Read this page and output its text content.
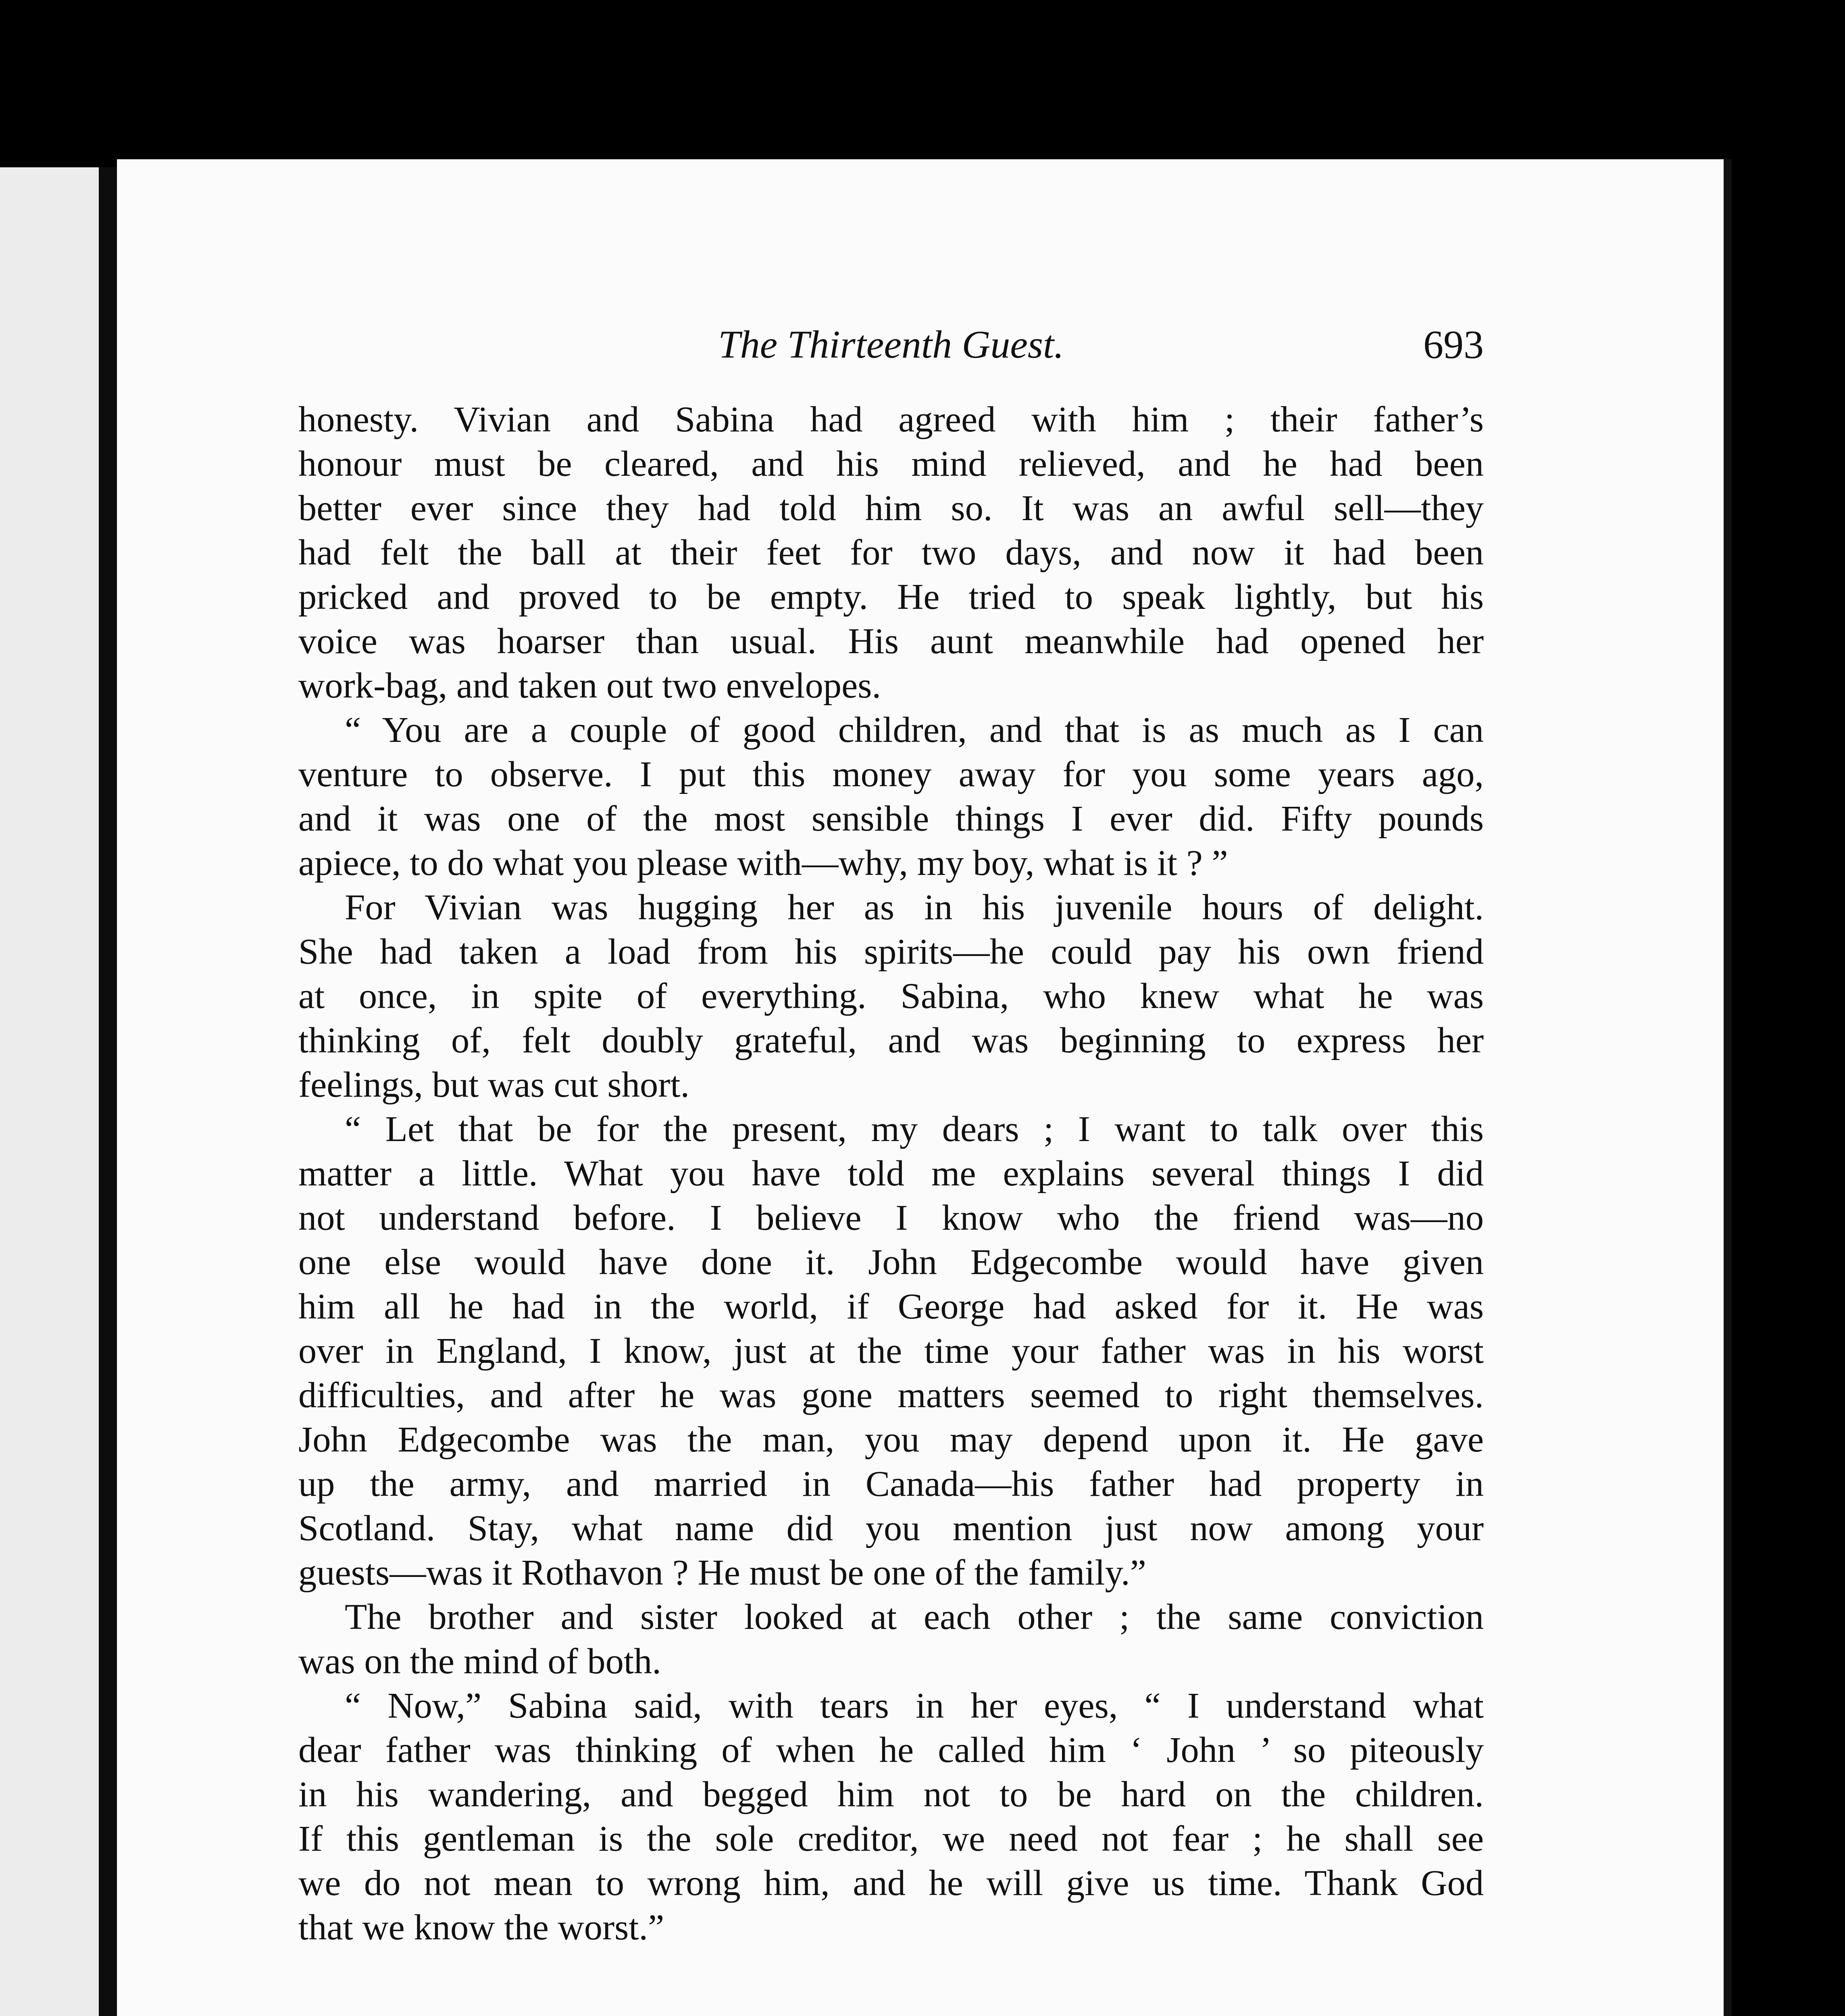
The Thirteenth Guest.	693
honesty. Vivian and Sabina had agreed with him ; their father’s
honour must be cleared, and his mind relieved, and he had been
better ever since they had told him so. It was an awful sell—they
had felt the ball at their feet for two days, and now it had been
pricked and proved to be empty. He tried to speak lightly, but his
voice was hoarser than usual. His aunt meanwhile had opened her
work-bag, and taken out two envelopes.
“ You are a couple of good children, and that is as much as I can
venture to observe. I put this money away for you some years ago,
and it was one of the most sensible things I ever did. Fifty pounds
apiece, to do what you please with—why, my boy, what is it ? ”
For Vivian was hugging her as in his juvenile hours of delight.
She had taken a load from his spirits—he could pay his own friend
at once, in spite of everything. Sabina, who knew what he was
thinking of, felt doubly grateful, and was beginning to express her
feelings, but was cut short.
“ Let that be for the present, my dears ; I want to talk over this
matter a little. What you have told me explains several things I did
not understand before. I believe I know who the friend was—no
one else would have done it. John Edgecombe would have given
him all he had in the world, if George had asked for it. He was
over in England, I know, just at the time your father was in his worst
difficulties, and after he was gone matters seemed to right themselves.
John Edgecombe was the man, you may depend upon it. He gave
up the army, and married in Canada—his father had property in
Scotland. Stay, what name did you mention just now among your
guests—was it Rothavon ? He must be one of the family.”
The brother and sister looked at each other ; the same conviction
was on the mind of both.
“ Now,” Sabina said, with tears in her eyes, “ I understand what
dear father was thinking of when he called him ‘ John ’ so piteously
in his wandering, and begged him not to be hard on the children.
If this gentleman is the sole creditor, we need not fear ; he shall see
we do not mean to wrong him, and he will give us time. Thank God
that we know the worst.”
